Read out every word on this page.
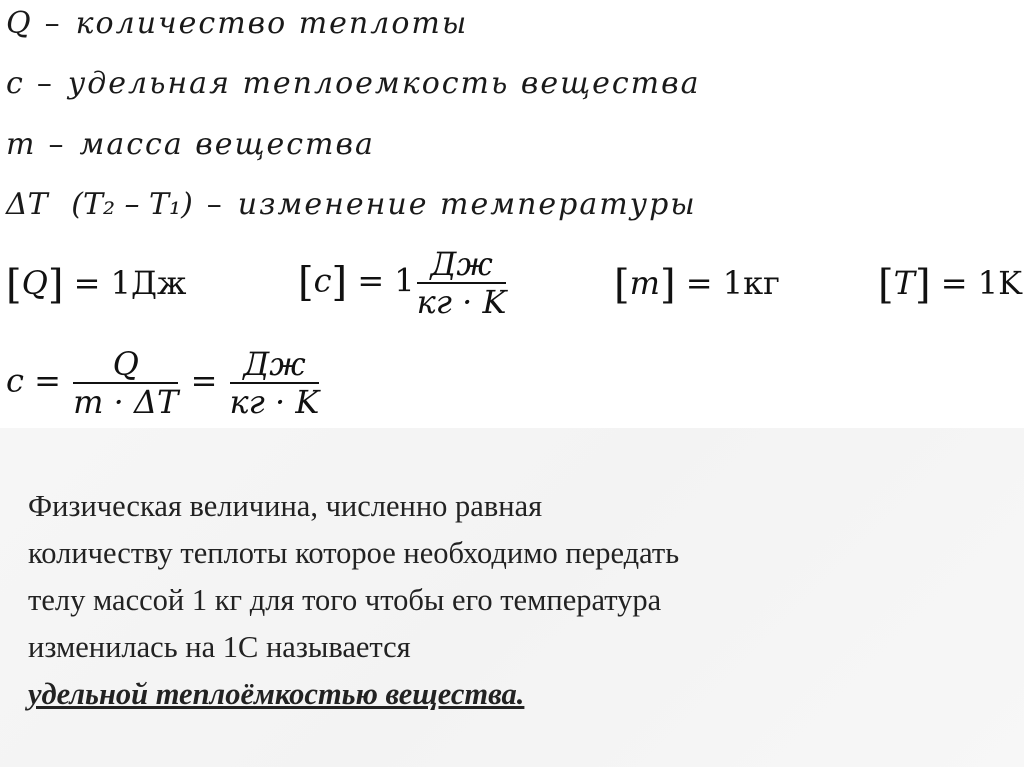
Q – количество теплоты
c – удельная теплоемкость вещества
m – масса вещества
ΔT (T₂ – T₁) – изменение температуры
[Q] = 1Дж	$[c] = 1 \frac{Дж}{кг \cdot K}$	[m] = 1кг [T] = 1K
$c = \frac{Q}{m \cdot \Delta T} = \frac{Дж}{кг \cdot K}$

Физическая величина, численно равная

количеству теплоты которое необходимо передать

телу массой 1 кг для того чтобы его температура

изменилась на 1С называется

удельной теплоёмкостью вещества.
